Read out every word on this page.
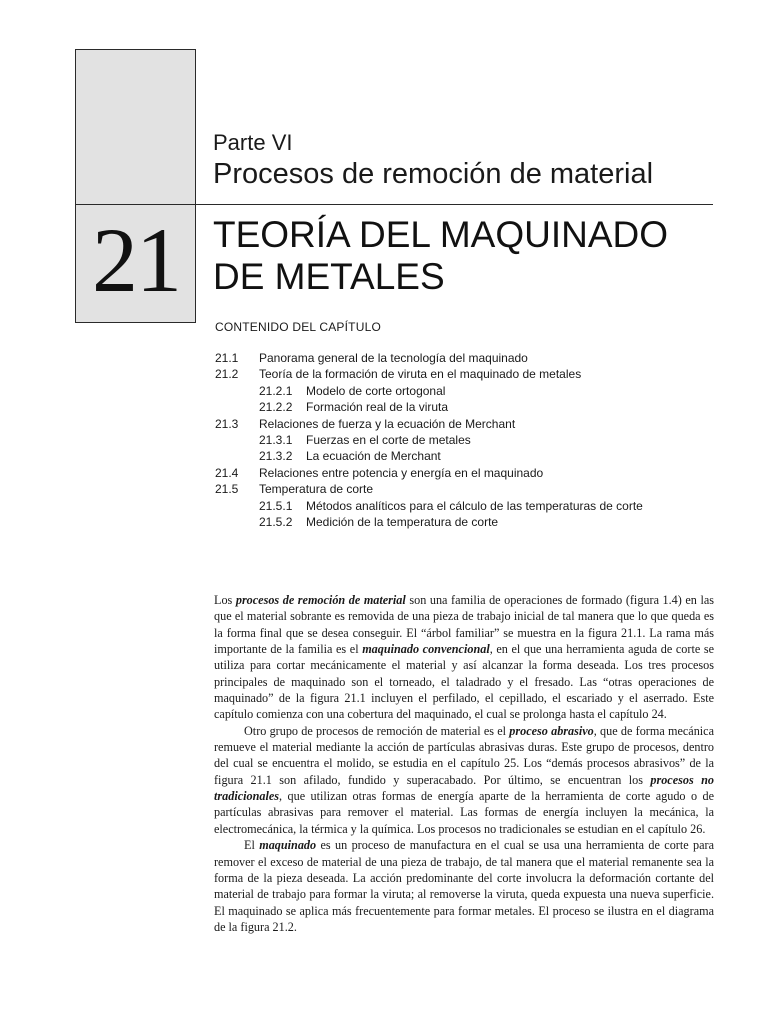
21
Parte VI
Procesos de remoción de material
TEORÍA DEL MAQUINADO
DE METALES
CONTENIDO DEL CAPÍTULO
21.1 Panorama general de la tecnología del maquinado
21.2 Teoría de la formación de viruta en el maquinado de metales
21.2.1 Modelo de corte ortogonal
21.2.2 Formación real de la viruta
21.3 Relaciones de fuerza y la ecuación de Merchant
21.3.1 Fuerzas en el corte de metales
21.3.2 La ecuación de Merchant
21.4 Relaciones entre potencia y energía en el maquinado
21.5 Temperatura de corte
21.5.1 Métodos analíticos para el cálculo de las temperaturas de corte
21.5.2 Medición de la temperatura de corte

Los procesos de remoción de material son una familia de operaciones de formado (figura 1.4) en las que el material sobrante es removida de una pieza de trabajo inicial de tal manera que lo que queda es la forma final que se desea conseguir. El “árbol familiar” se muestra en la figura 21.1. La rama más importante de la familia es el maquinado convencional, en el que una herramienta aguda de corte se utiliza para cortar mecánicamente el material y así alcanzar la forma deseada. Los tres procesos principales de maquinado son el torneado, el taladrado y el fresado. Las “otras operaciones de maquinado” de la figura 21.1 incluyen el perfilado, el cepillado, el escariado y el aserrado. Este capítulo comienza con una cobertura del maquinado, el cual se prolonga hasta el capítulo 24.

Otro grupo de procesos de remoción de material es el proceso abrasivo, que de forma mecánica remueve el material mediante la acción de partículas abrasivas duras. Este grupo de procesos, dentro del cual se encuentra el molido, se estudia en el capítulo 25. Los “demás procesos abrasivos” de la figura 21.1 son afilado, fundido y superacabado. Por último, se encuentran los procesos no tradicionales, que utilizan otras formas de energía aparte de la herramienta de corte agudo o de partículas abrasivas para remover el material. Las formas de energía incluyen la mecánica, la electromecánica, la térmica y la química. Los procesos no tradicionales se estudian en el capítulo 26.

El maquinado es un proceso de manufactura en el cual se usa una herramienta de corte para remover el exceso de material de una pieza de trabajo, de tal manera que el material remanente sea la forma de la pieza deseada. La acción predominante del corte involucra la deformación cortante del material de trabajo para formar la viruta; al removerse la viruta, queda expuesta una nueva superficie. El maquinado se aplica más frecuentemente para formar metales. El proceso se ilustra en el diagrama de la figura 21.2.
